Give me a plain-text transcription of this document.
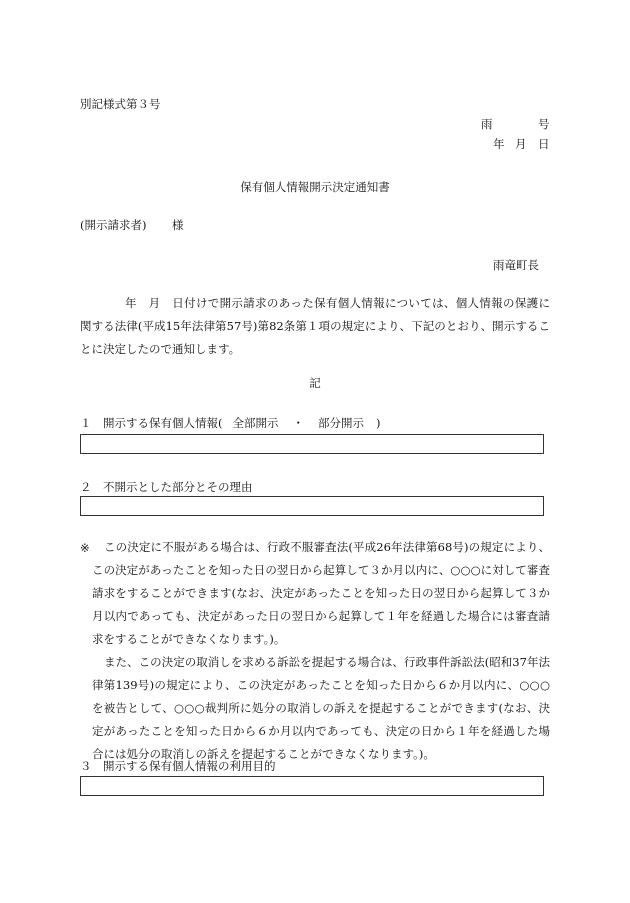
別記様式第３号
雨	号
年 月 日
保有個人情報開示決定通知書
(開示請求者) 様
雨竜町長

年　月　日付けで開示請求のあった保有個人情報については、個人情報の保護に関する法律(平成15年法律第57号)第82条第１項の規定により、下記のとおり、開示することに決定したので通知します。

記
１　開示する保有個人情報( 全部開示 ・ 部分開示 )
２　不開示とした部分とその理由
※	この決定に不服がある場合は、行政不服審査法(平成26年法律第68号)の規定により、この決定があったことを知った日の翌日から起算して３か月以内に、○○○に対して審査請求をすることができます(なお、決定があったことを知った日の翌日から起算して３か月以内であっても、決定があった日の翌日から起算して１年を経過した場合には審査請求をすることができなくなります。)。

また、この決定の取消しを求める訴訟を提起する場合は、行政事件訴訟法(昭和37年法律第139号)の規定により、この決定があったことを知った日から６か月以内に、○○○を被告として、○○○裁判所に処分の取消しの訴えを提起することができます(なお、決定があったことを知った日から６か月以内であっても、決定の日から１年を経過した場合には処分の取消しの訴えを提起することができなくなります。)。

３　開示する保有個人情報の利用目的
